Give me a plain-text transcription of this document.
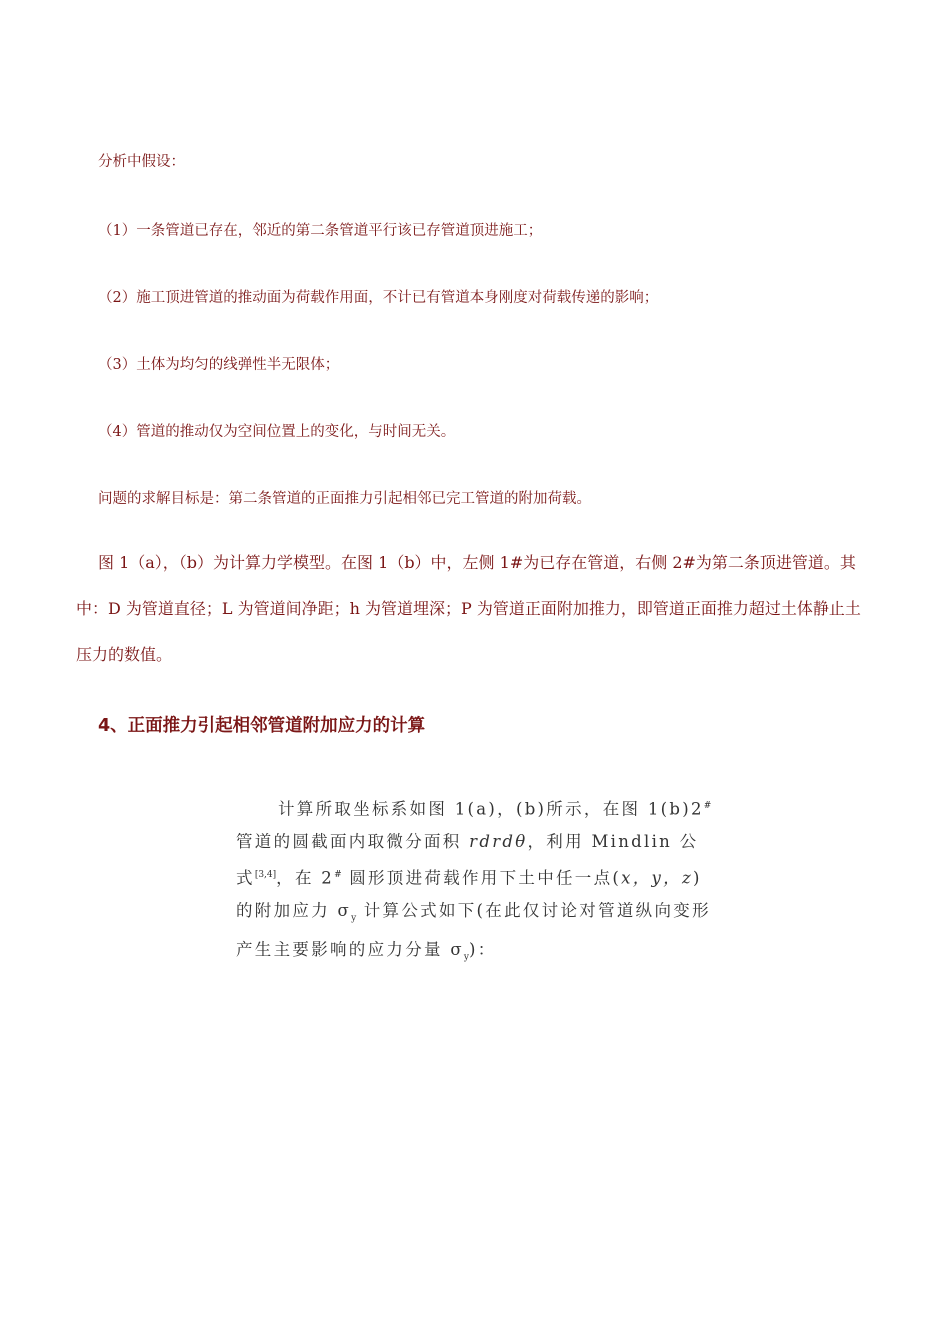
分析中假设：
（1）一条管道已存在，邻近的第二条管道平行该已存管道顶进施工；
（2）施工顶进管道的推动面为荷载作用面，不计已有管道本身刚度对荷载传递的影响；
（3）土体为均匀的线弹性半无限体；
（4）管道的推动仅为空间位置上的变化，与时间无关。
问题的求解目标是：第二条管道的正面推力引起相邻已完工管道的附加荷载。
图 1（a），（b）为计算力学模型。在图 1（b）中，左侧 1#为已存在管道，右侧 2#为第二条顶进管道。其中：D 为管道直径；L 为管道间净距；h 为管道埋深；P 为管道正面附加推力，即管道正面推力超过土体静止土压力的数值。
4、正面推力引起相邻管道附加应力的计算
计算所取坐标系如图 1(a)，(b)所示，在图 1(b)2#管道的圆截面内取微分面积 rdrdθ，利用 Mindlin 公式[3,4]，在 2# 圆形顶进荷载作用下土中任一点(x，y，z)的附加应力 $\sigma_y$ 计算公式如下(在此仅讨论对管道纵向变形产生主要影响的应力分量 $\sigma_y$)：
